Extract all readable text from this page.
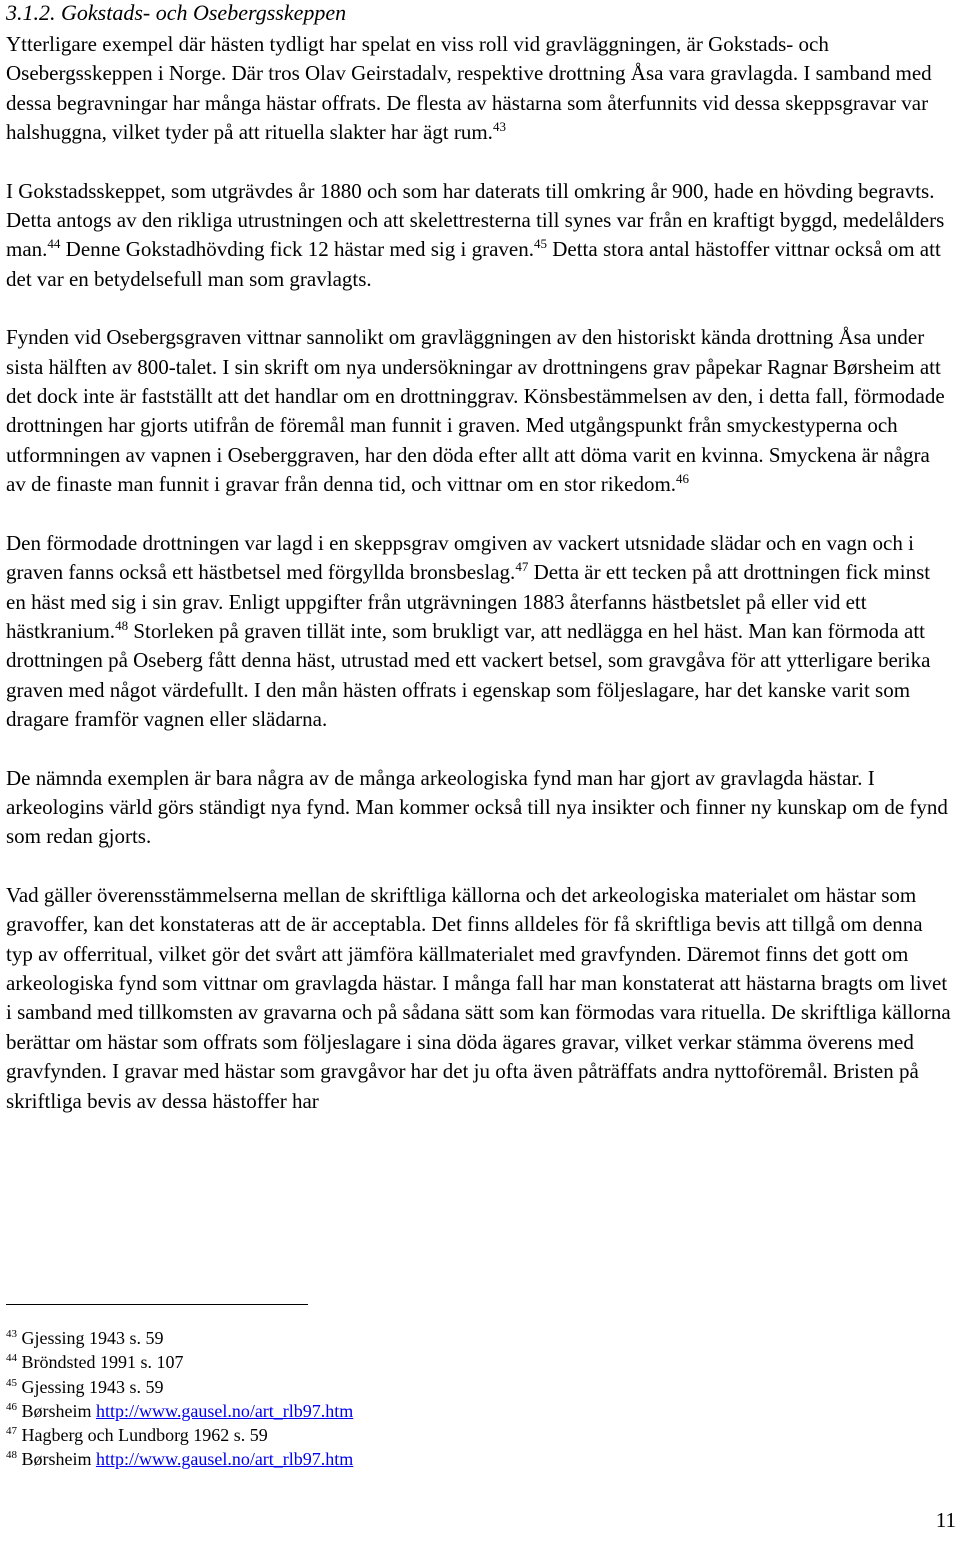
3.1.2. Gokstads- och Osebergsskeppen

Ytterligare exempel där hästen tydligt har spelat en viss roll vid gravläggningen, är Gokstads- och Osebergsskeppen i Norge. Där tros Olav Geirstadalv, respektive drottning Åsa vara gravlagda. I samband med dessa begravningar har många hästar offrats. De flesta av hästarna som återfunnits vid dessa skeppsgravar var halshuggna, vilket tyder på att rituella slakter har ägt rum.$^{43}$

I Gokstadsskeppet, som utgrävdes år 1880 och som har daterats till omkring år 900, hade en hövding begravts. Detta antogs av den rikliga utrustningen och att skelettresterna till synes var från en kraftigt byggd, medelålders man.$^{44}$ Denne Gokstadhövding fick 12 hästar med sig i graven.$^{45}$ Detta stora antal hästoffer vittnar också om att det var en betydelsefull man som gravlagts.

Fynden vid Osebergsgraven vittnar sannolikt om gravläggningen av den historiskt kända drottning Åsa under sista hälften av 800-talet. I sin skrift om nya undersökningar av drottningens grav påpekar Ragnar Børsheim att det dock inte är fastställt att det handlar om en drottninggrav. Könsbestämmelsen av den, i detta fall, förmodade drottningen har gjorts utifrån de föremål man funnit i graven. Med utgångspunkt från smyckestyperna och utformningen av vapnen i Oseberggraven, har den döda efter allt att döma varit en kvinna. Smyckena är några av de finaste man funnit i gravar från denna tid, och vittnar om en stor rikedom.$^{46}$

Den förmodade drottningen var lagd i en skeppsgrav omgiven av vackert utsnidade slädar och en vagn och i graven fanns också ett hästbetsel med förgyllda bronsbeslag.$^{47}$ Detta är ett tecken på att drottningen fick minst en häst med sig i sin grav. Enligt uppgifter från utgrävningen 1883 återfanns hästbetslet på eller vid ett hästkranium.$^{48}$ Storleken på graven tillät inte, som brukligt var, att nedlägga en hel häst. Man kan förmoda att drottningen på Oseberg fått denna häst, utrustad med ett vackert betsel, som gravgåva för att ytterligare berika graven med något värdefullt. I den mån hästen offrats i egenskap som följeslagare, har det kanske varit som dragare framför vagnen eller slädarna.

De nämnda exemplen är bara några av de många arkeologiska fynd man har gjort av gravlagda hästar. I arkeologins värld görs ständigt nya fynd. Man kommer också till nya insikter och finner ny kunskap om de fynd som redan gjorts.

Vad gäller överensstämmelserna mellan de skriftliga källorna och det arkeologiska materialet om hästar som gravoffer, kan det konstateras att de är acceptabla. Det finns alldeles för få skriftliga bevis att tillgå om denna typ av offerritual, vilket gör det svårt att jämföra källmaterialet med gravfynden. Däremot finns det gott om arkeologiska fynd som vittnar om gravlagda hästar. I många fall har man konstaterat att hästarna bragts om livet i samband med tillkomsten av gravarna och på sådana sätt som kan förmodas vara rituella. De skriftliga källorna berättar om hästar som offrats som följeslagare i sina döda ägares gravar, vilket verkar stämma överens med gravfynden. I gravar med hästar som gravgåvor har det ju ofta även påträffats andra nyttoföremål. Bristen på skriftliga bevis av dessa hästoffer har

$^{43}$ Gjessing 1943 s. 59
$^{44}$ Bröndsted 1991 s. 107
$^{45}$ Gjessing 1943 s. 59
$^{46}$ Børsheim http://www.gausel.no/art_rlb97.htm
$^{47}$ Hagberg och Lundborg 1962 s. 59
$^{48}$ Børsheim http://www.gausel.no/art_rlb97.htm
11
